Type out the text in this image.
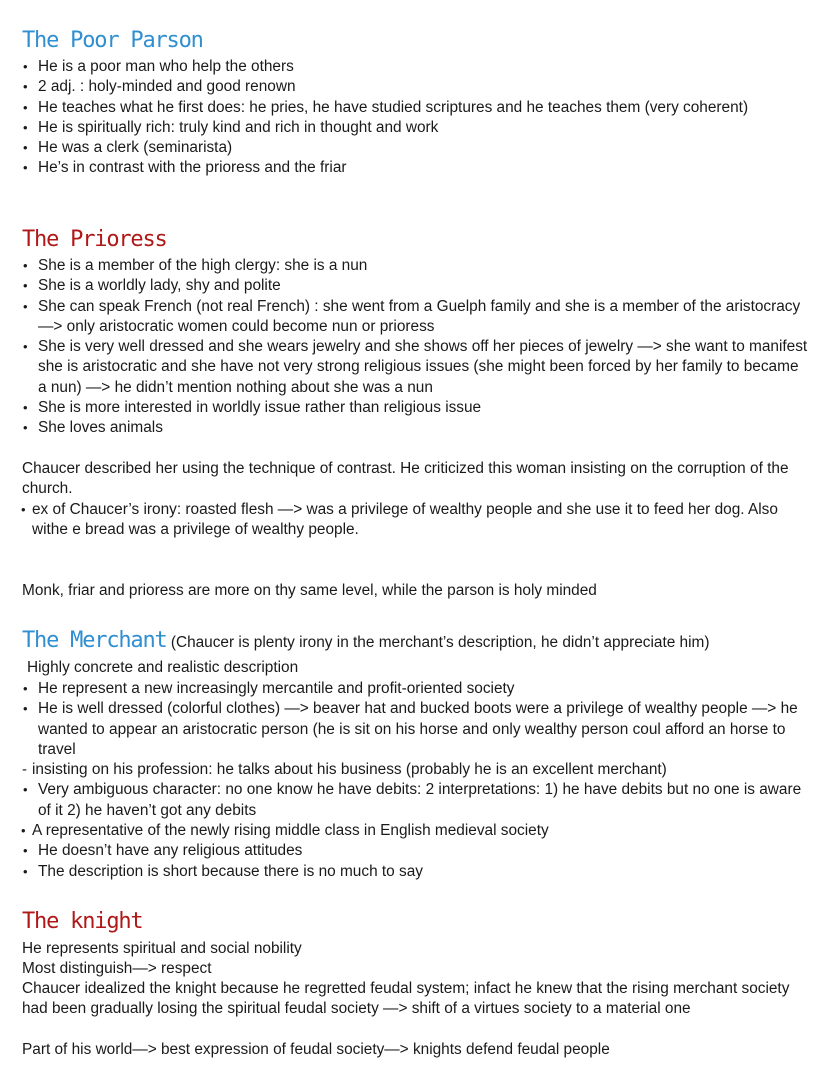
The Poor Parson
• He is a poor man who help the others
• 2 adj. : holy-minded and good renown
• He teaches what he first does: he pries, he have studied scriptures and he teaches them (very coherent)
• He is spiritually rich: truly kind and rich in thought and work
• He was a clerk (seminarista)
• He’s in contrast with the prioress and the friar
The Prioress
• She is a member of the high clergy: she is a nun
• She is a worldly lady, shy and polite
• She can speak French (not real French) : she went from a Guelph family and she is a member of the aristocracy —> only aristocratic women could become nun or prioress
• She is very well dressed and she wears jewelry and she shows off her pieces of jewelry —> she want to manifest she is aristocratic and she have not very strong religious issues (she might been forced by her family to became a nun) —> he didn’t mention nothing about she was a nun
• She is more interested in worldly issue rather than religious issue
• She loves animals

Chaucer described her using the technique of contrast. He criticized this woman insisting on the corruption of the church.

• ex of Chaucer’s irony: roasted flesh —> was a privilege of wealthy people and she use it to feed her dog. Also withe e bread was a privilege of wealthy people.

Monk, friar and prioress are more on thy same level, while the parson is holy minded

The Merchant (Chaucer is plenty irony in the merchant’s description, he didn’t appreciate him)

Highly concrete and realistic description

• He represent a new increasingly mercantile and profit-oriented society
• He is well dressed (colorful clothes) —> beaver hat and bucked boots were a privilege of wealthy people —> he wanted to appear an aristocratic person (he is sit on his horse and only wealthy person coul afford an horse to travel
- insisting on his profession: he talks about his business (probably he is an excellent merchant)
• Very ambiguous character: no one know he have debits: 2 interpretations: 1) he have debits but no one is aware of it 2) he haven’t got any debits
• A representative of the newly rising middle class in English medieval society
• He doesn’t have any religious attitudes
• The description is short because there is no much to say
The knight

He represents spiritual and social nobility

Most distinguish—> respect

Chaucer idealized the knight because he regretted feudal system; infact he knew that the rising merchant society had been gradually losing the spiritual feudal society —> shift of a virtues society to a material one

Part of his world—> best expression of feudal society—> knights defend feudal people
